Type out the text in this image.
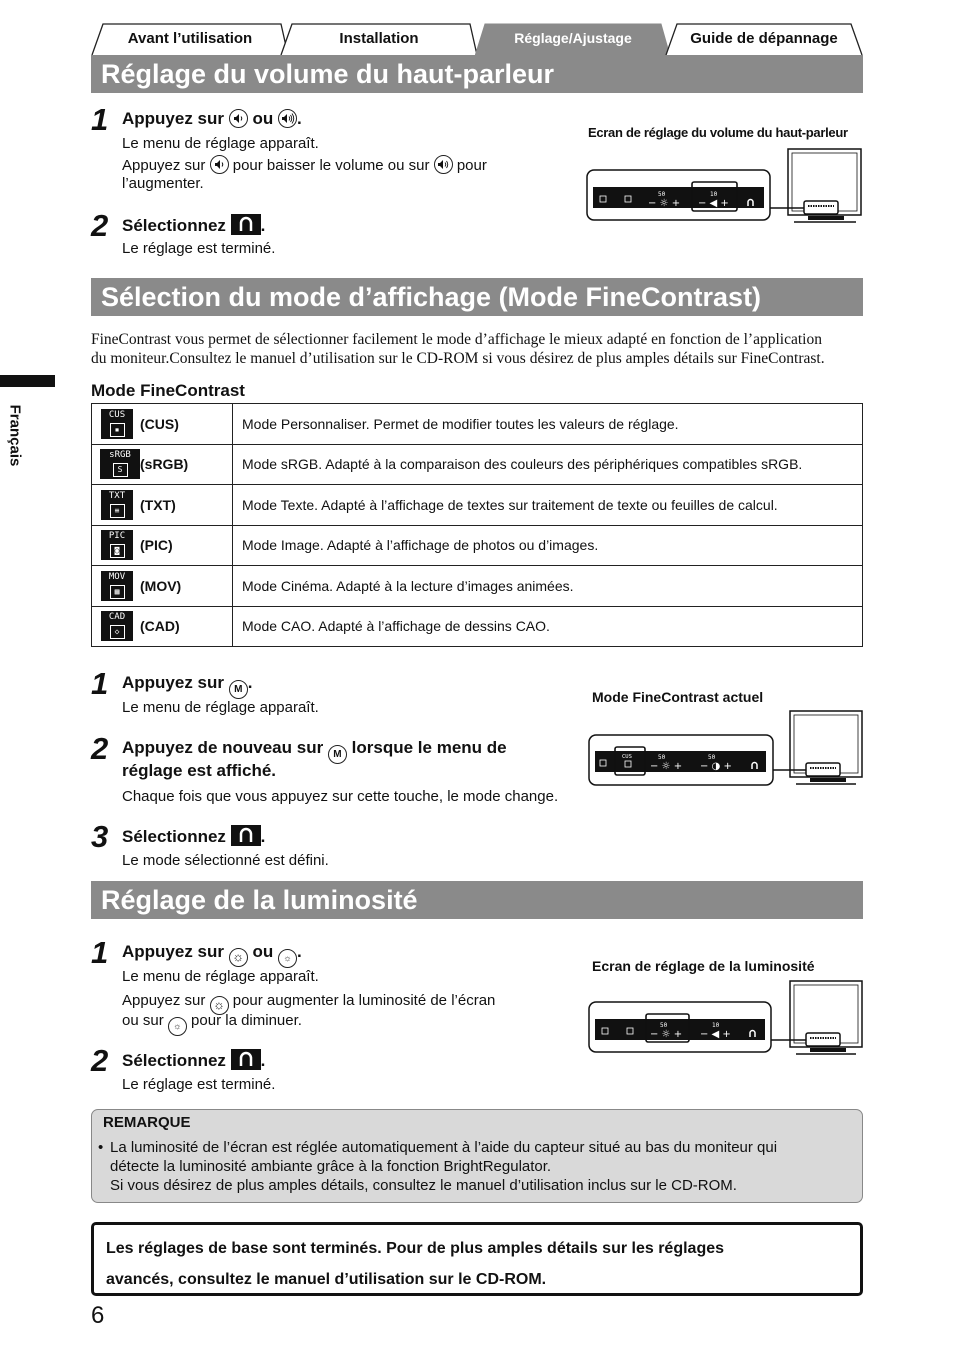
Avant l’utilisation	Installation	Réglage/Ajustage	Guide de dépannage
Français
Réglage du volume du haut-parleur
1 Appuyez sur ou .
Le menu de réglage apparaît.
Appuyez sur pour baisser le volume ou sur pour
l’augmenter.
2 Sélectionnez .
Le réglage est terminé.
Ecran de réglage du volume du haut-parleur
50
− ☼ +
10
− ◀ +
Sélection du mode d’affichage (Mode FineContrast)
FineContrast vous permet de sélectionner facilement le mode d’affichage le mieux adapté en fonction de l’application
du moniteur.Consultez le manuel d’utilisation sur le CD-ROM si vous désirez de plus amples détails sur FineContrast.
Mode FineContrast
CUS
▪ (CUS)	Mode Personnaliser. Permet de modifier toutes les valeurs de réglage.
sRGB
S (sRGB)	Mode sRGB. Adapté à la comparaison des couleurs des périphériques compatibles sRGB.
TXT
≡ (TXT)	Mode Texte. Adapté à l’affichage de textes sur traitement de texte ou feuilles de calcul.
PIC
◙ (PIC)	Mode Image. Adapté à l’affichage de photos ou d’images.
MOV
▦ (MOV)	Mode Cinéma. Adapté à la lecture d’images animées.
CAD
◇ (CAD)	Mode CAO. Adapté à l’affichage de dessins CAO.
1 Appuyez sur M .
Le menu de réglage apparaît.
2 Appuyez de nouveau sur M lorsque le menu de
réglage est affiché.
Chaque fois que vous appuyez sur cette touche, le mode change.
3 Sélectionnez .
Le mode sélectionné est défini.
Mode FineContrast actuel
CUS	50
− ☼ +
50
− ◑ +
Réglage de la luminosité
1 Appuyez sur ☼ ou ☼ .
Le menu de réglage apparaît.
Appuyez sur ☼ pour augmenter la luminosité de l’écran
ou sur ☼ pour la diminuer.
2 Sélectionnez .
Le réglage est terminé.
Ecran de réglage de la luminosité
50
− ☼ +
10
− ◀ +
REMARQUE
• La luminosité de l’écran est réglée automatiquement à l’aide du capteur situé au bas du moniteur qui
détecte la luminosité ambiante grâce à la fonction BrightRegulator.
Si vous désirez de plus amples détails, consultez le manuel d’utilisation inclus sur le CD-ROM.
Les réglages de base sont terminés. Pour de plus amples détails sur les réglages
avancés, consultez le manuel d’utilisation sur le CD-ROM.
6
